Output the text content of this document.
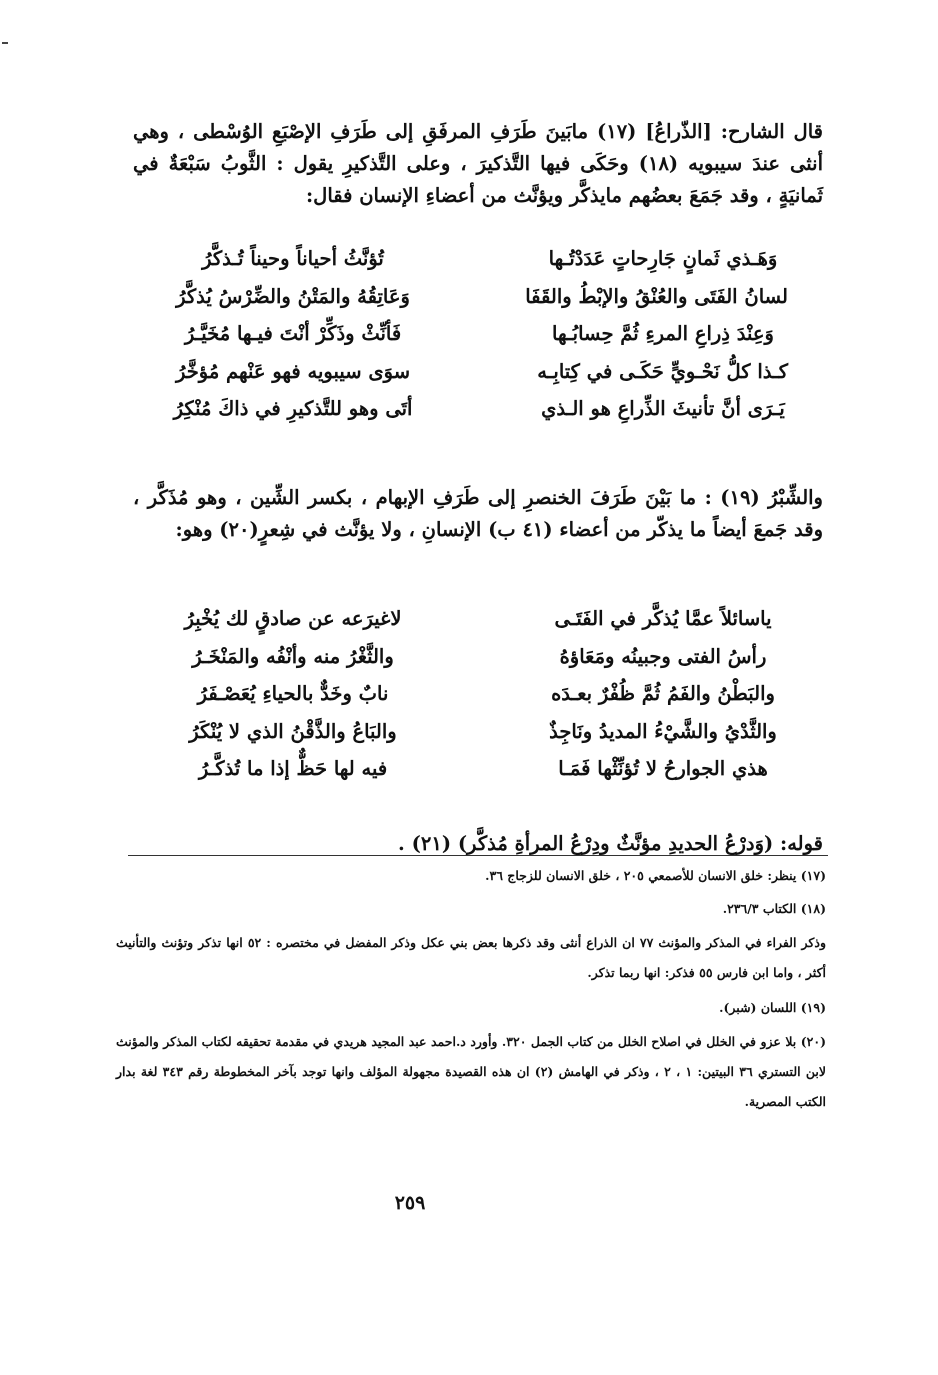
قال الشارح: [الذّراعُ] (١٧) مابَينَ طَرَفِ المرفَقِ إلى طَرَفِ الإصْبَعِ الوُسْطى ، وهي أنثى عندَ سيبويه (١٨) وحَكَى فيها التَّذكيرَ ، وعلى التَّذكيرِ يقول : الثَّوبُ سَبْعَةٌ في ثَمانيَةٍ ، وقد جَمَعَ بعضُهم مايذكَّر ويؤنَّث من أعضاءِ الإنسان فقال:

وَهَـذي ثَمانٍ جَارِحاتٍ عَدَدْتُـها
تُؤنَّثُ أحياناً وحيناً تُـذكَّرُ
لسانُ الفَتَى والعُنْقُ والإبْطُ والقَفَا
وَعَاتِقُهُ والمَتْنُ والضِّرْسُ يُذكَّرُ
وَعِنْدَ ذِراعِ المرءِ ثُمَّ حِسابُـها
فَأنِّثْ وذَكِّرْ أنْتَ فيـها مُخَيَّـرُ
كـذا كلُّ نَحْـويٍّ حَكَـى في كِتابِـه
سوَى سيبويه فهو عَنْهم مُؤخَّرُ
يَـرَى أنَّ تأنيثَ الذِّراعِ هو الـذي
أتَى وهو للتَّذكيرِ في ذاكَ مُنْكِرُ

والشِّبْرُ (١٩) : ما بَيْنَ طَرَفَ الخنصرِ إلى طَرَفِ الإبهام ، بكسر الشِّين ، وهو مُذَكَّر ، وقد جَمعَ أيضاً ما يذكّر من أعضاء (٤١ ب) الإنسانِ ، ولا يؤنَّث في شِعرٍ(٢٠) وهو:

ياسائلاً عمَّا يُذكَّر في الفَتَـى
لاغيرَعه عن صادقٍ لك يُخْبِرُ
رأسُ الفتى وجبينُه ومَعَاؤهُ
والثَّغْرُ منه وأنْفُه والمَنْخَـرُ
والبَطْنُ والفَمُ ثُمَّ ظُفْرٌ بعـدَه
نابٌ وخَدٌّ بالحياءِ يُعَصْـفَرُ
والثَّدْيُ والشَّيْءُ المديدُ ونَاجِذٌ
والبَاعُ والذَّقْنُ الذي لا يُنْكَرُ
هذي الجوارحُ لا تُؤنِّثْها فَمَـا
فيه لها حَظٌّ إذا ما تُذكَّـرُ

قوله: (وَدرْعُ الحديدِ مؤنَّثٌ ودِرْعُ المرأةِ مُذكَّر) (٢١) .

(١٧) ينظر: خلق الانسان للأصمعي ٢٠٥ ، خلق الانسان للزجاج ٣٦.
(١٨) الكتاب ٢٣٦/٣.
وذكر الفراء في المذكر والمؤنث ٧٧ ان الذراع أنثى وقد ذكرها بعض بني عكل وذكر المفضل في مختصره : ٥٢ انها تذكر وتؤنث والتأنيث أكثر ، واما ابن فارس ٥٥ فذكر: انها ربما تذكر.
(١٩) اللسان (شبر).
(٢٠) بلا عزو في الخلل في اصلاح الخلل من كتاب الجمل ٣٢٠. وأورد د.احمد عبد المجيد هريدي في مقدمة تحقيقه لكتاب المذكر والمؤنث لابن التستري ٣٦ البيتين: ١ ، ٢ ، وذكر في الهامش (٢) ان هذه القصيدة مجهولة المؤلف وانها توجد بآخر المخطوطة رقم ٣٤٣ لغة بدار الكتب المصرية.
٢٥٩
